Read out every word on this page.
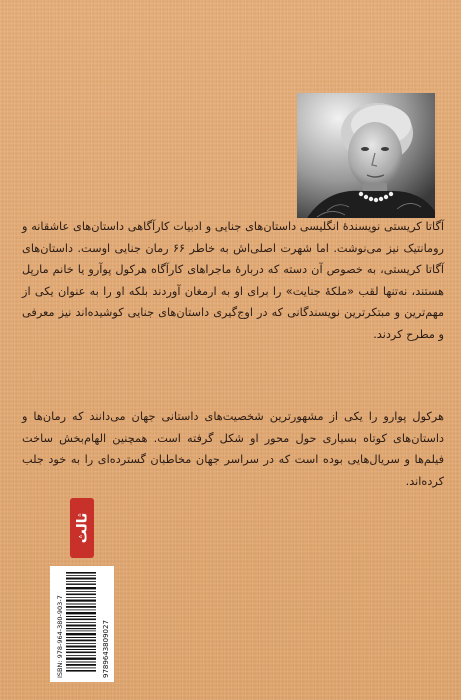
آگاتا کریستی نویسندهٔ انگلیسی داستان‌های جنایی و ادبیات کارآگاهی داستان‌های عاشقانه و رومانتیک نیز می‌نوشت. اما شهرت اصلی‌اش به خاطر ۶۶ رمان جنایی اوست. داستان‌های آگاتا کریستی، به خصوص آن دسته که دربارهٔ ماجراهای کارآگاه هرکول پوآرو یا خانم مارپل هستند، نه‌تنها لقب «ملکهٔ جنایت» را برای او به ارمغان آوردند بلکه او را به عنوان یکی از مهم‌ترین و مبتکرترین نویسندگانی که در اوج‌گیری داستان‌های جنایی کوشیده‌اند نیز معرفی و مطرح کردند.

هرکول پوارو را یکی از مشهورترین شخصیت‌های داستانی جهان می‌دانند که رمان‌ها و داستان‌های کوتاه بسیاری حول محور او شکل گرفته است. همچنین الهام‌بخش ساخت فیلم‌ها و سریال‌هایی بوده است که در سراسر جهان مخاطبان گسترده‌ای را به خود جلب کرده‌اند.

ثالث
ISBN: 978-964-380-903-7	9789643809027
